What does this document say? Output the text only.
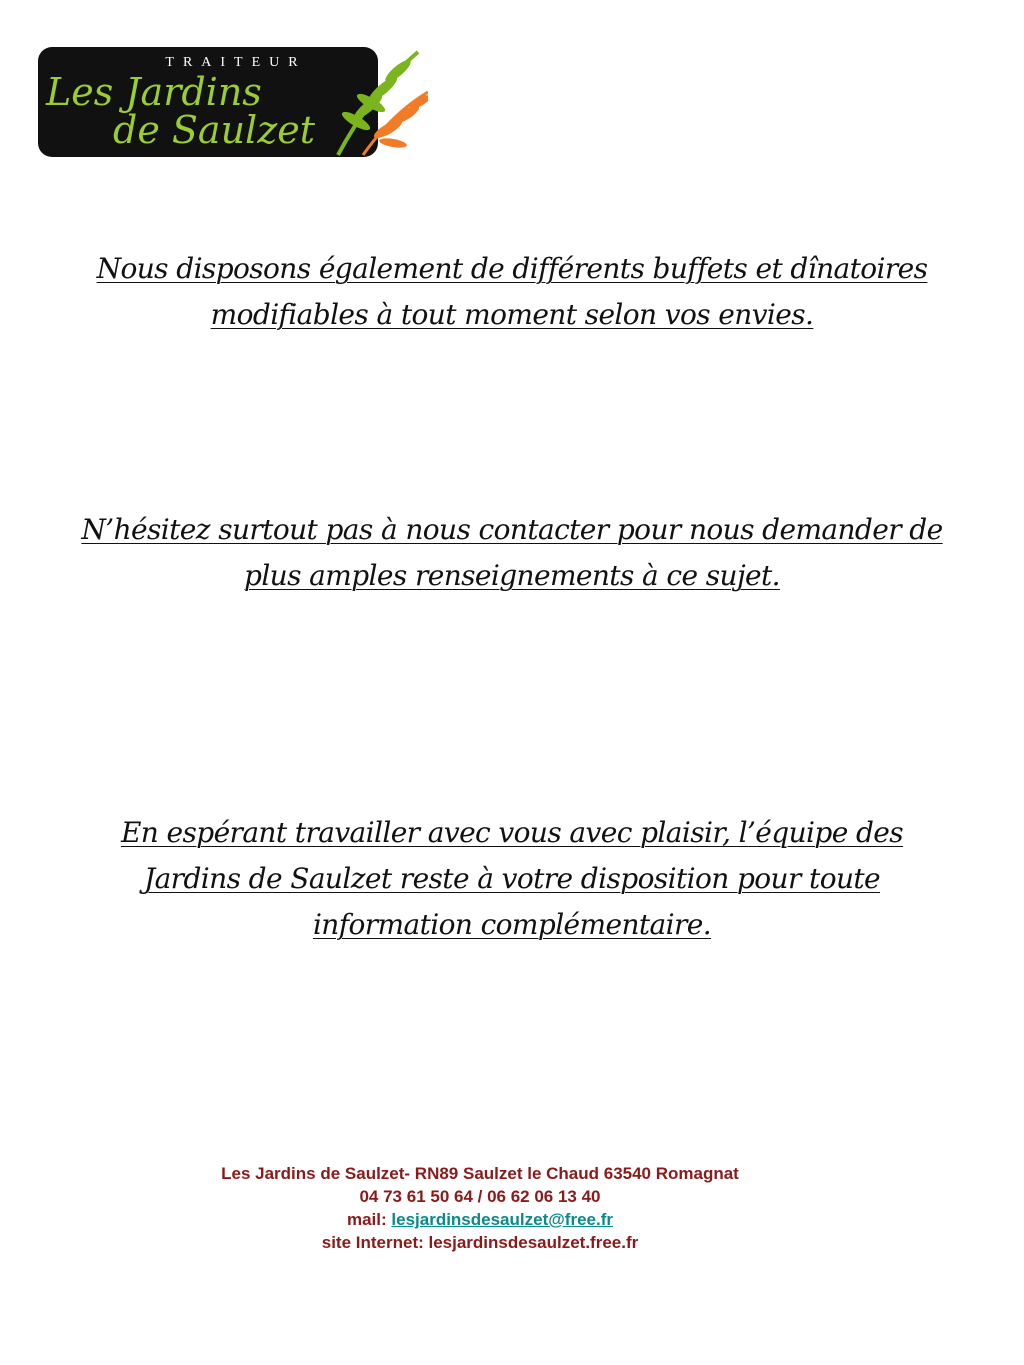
TRAITEUR
Les Jardins
de Saulzet

Nous disposons également de différents buffets et dînatoires modifiables à tout moment selon vos envies.

N’hésitez surtout pas à nous contacter pour nous demander de plus amples renseignements à ce sujet.

En espérant travailler avec vous avec plaisir, l’équipe des Jardins de Saulzet reste à votre disposition pour toute information complémentaire.

Les Jardins de Saulzet- RN89 Saulzet le Chaud 63540 Romagnat
04 73 61 50 64 / 06 62 06 13 40
mail: lesjardinsdesaulzet@free.fr
site Internet: lesjardinsdesaulzet.free.fr
